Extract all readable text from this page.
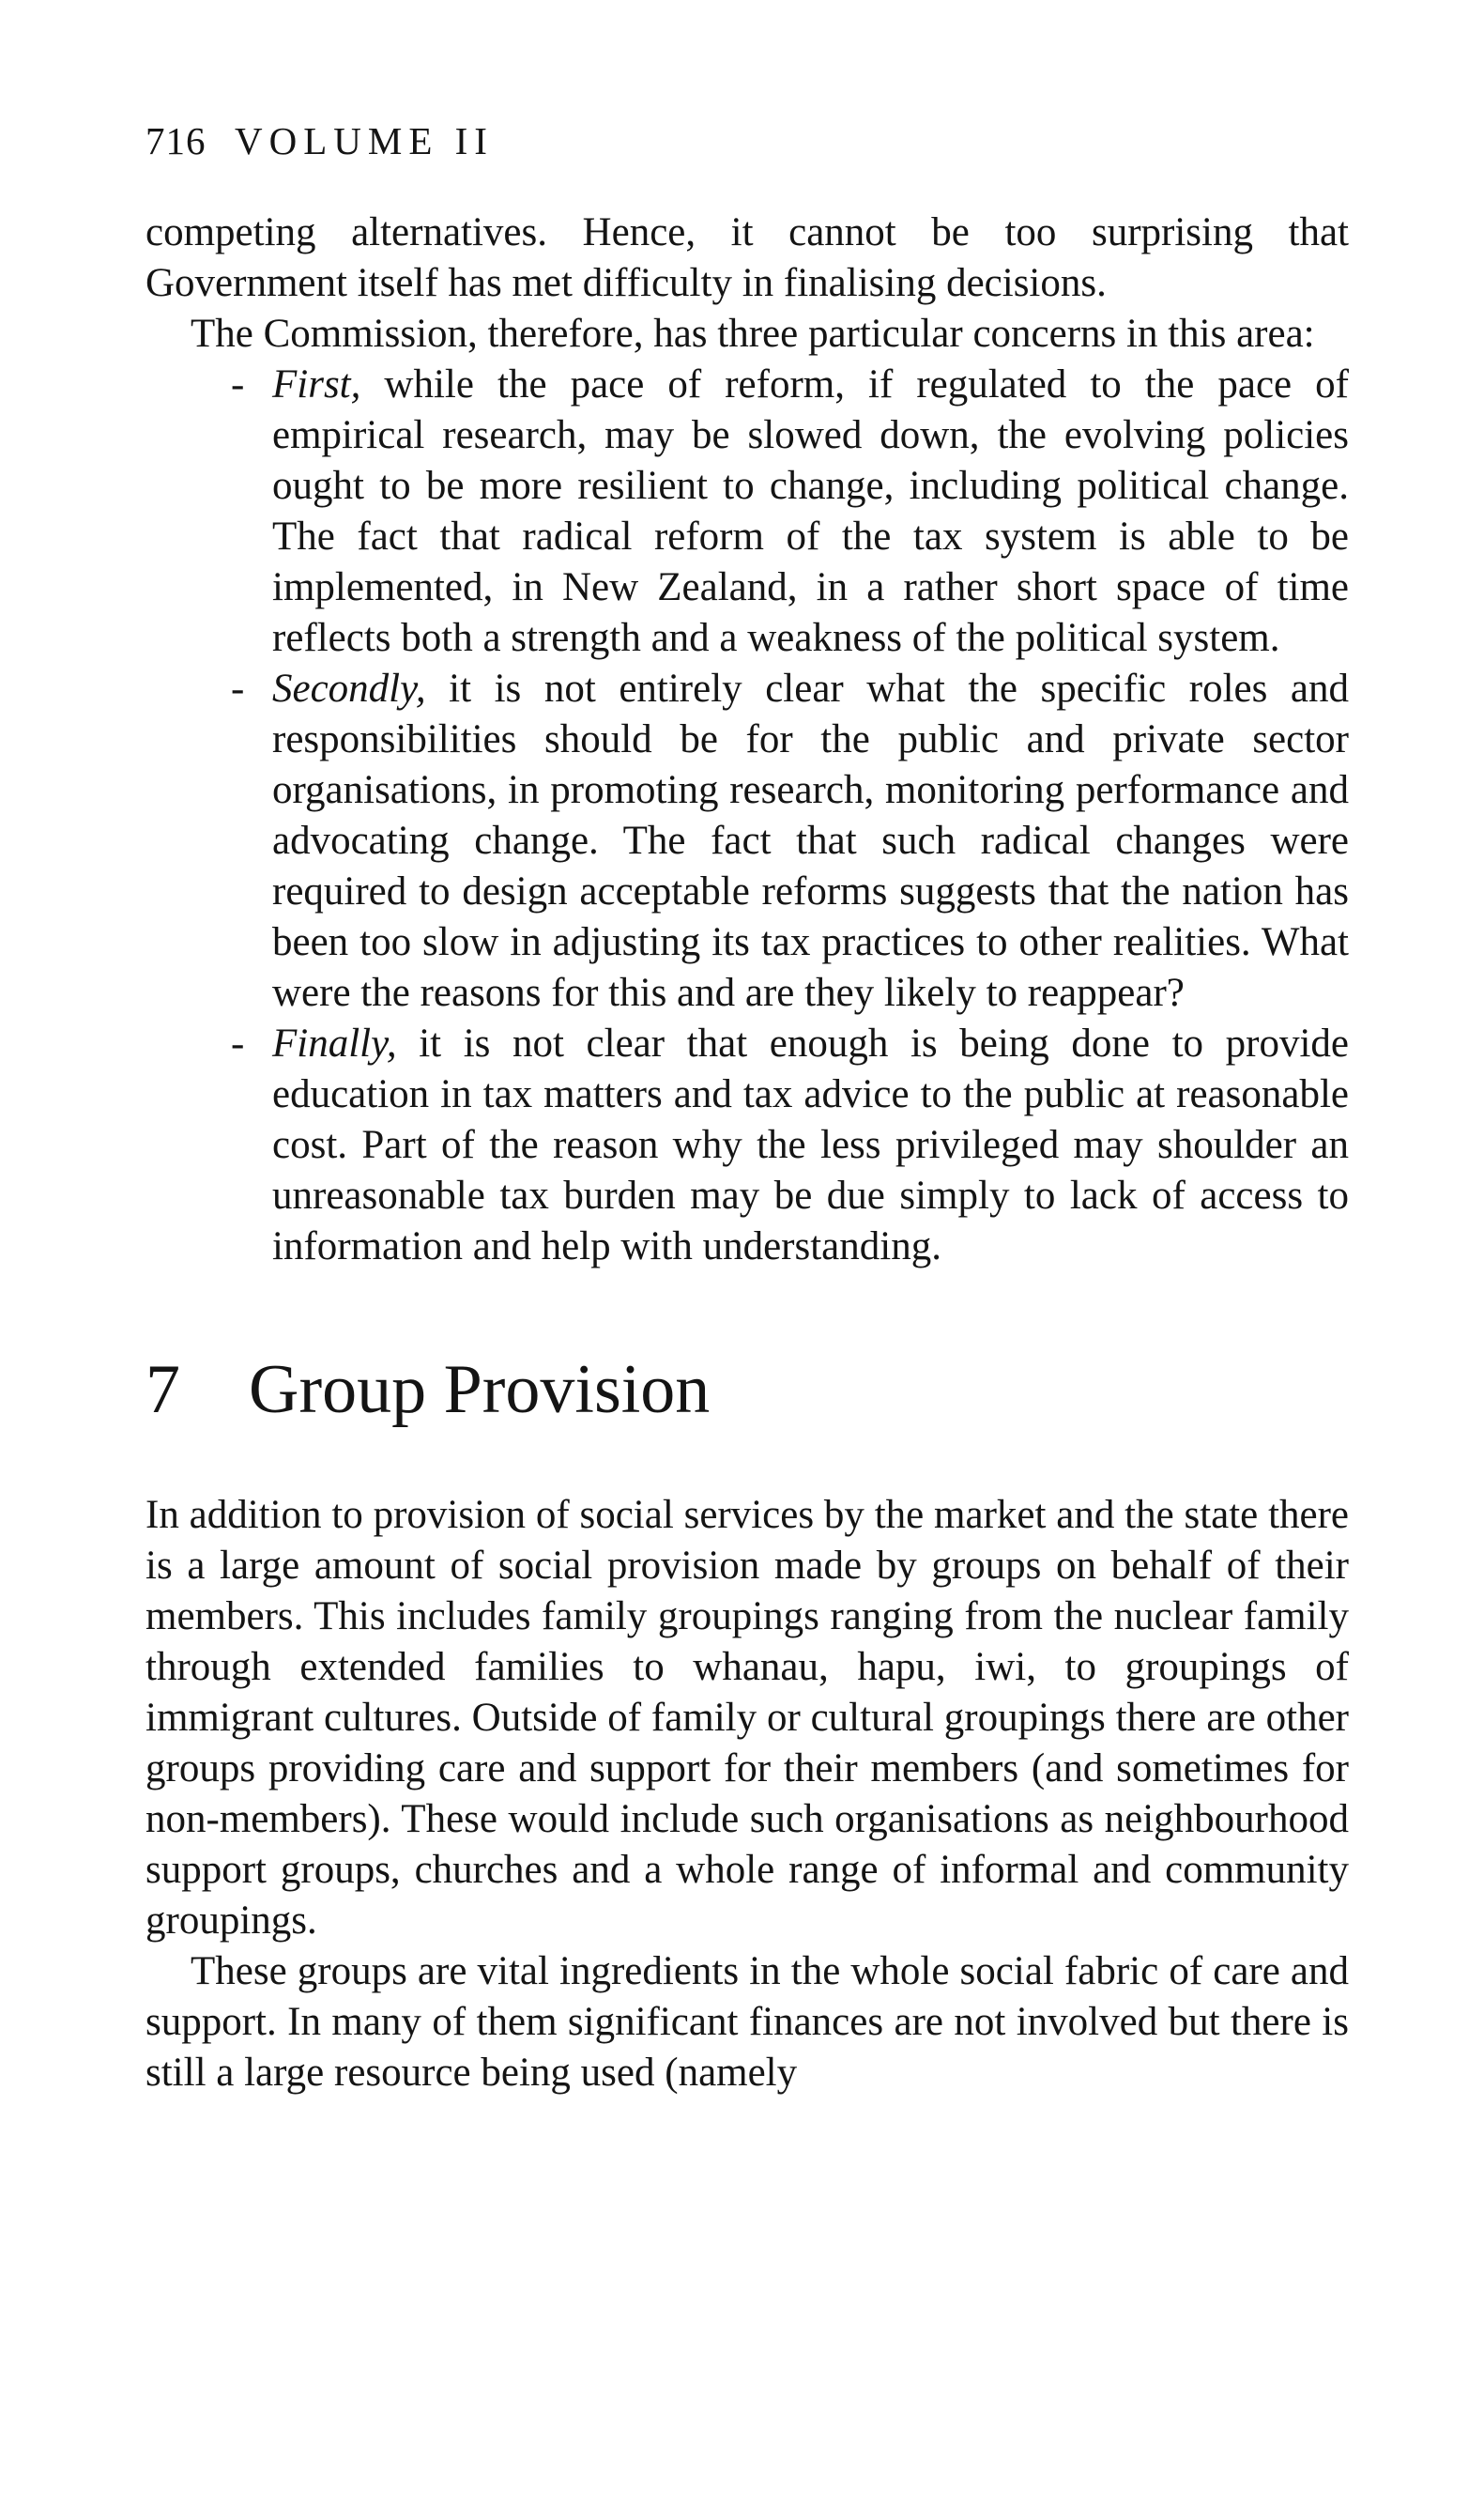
716 VOLUME II

competing alternatives. Hence, it cannot be too surprising that Government itself has met difficulty in finalising decisions.

The Commission, therefore, has three particular concerns in this area:

- First, while the pace of reform, if regulated to the pace of empirical research, may be slowed down, the evolving policies ought to be more resilient to change, including political change. The fact that radical reform of the tax system is able to be implemented, in New Zealand, in a rather short space of time reflects both a strength and a weakness of the political system.
- Secondly, it is not entirely clear what the specific roles and responsibilities should be for the public and private sector organisations, in promoting research, monitoring performance and advocating change. The fact that such radical changes were required to design acceptable reforms suggests that the nation has been too slow in adjusting its tax practices to other realities. What were the reasons for this and are they likely to reappear?
- Finally, it is not clear that enough is being done to provide education in tax matters and tax advice to the public at reasonable cost. Part of the reason why the less privileged may shoulder an unreasonable tax burden may be due simply to lack of access to information and help with understanding.
7 Group Provision

In addition to provision of social services by the market and the state there is a large amount of social provision made by groups on behalf of their members. This includes family groupings ranging from the nuclear family through extended families to whanau, hapu, iwi, to groupings of immigrant cultures. Outside of family or cultural groupings there are other groups providing care and support for their members (and sometimes for non-members). These would include such organisations as neighbourhood support groups, churches and a whole range of informal and community groupings.

These groups are vital ingredients in the whole social fabric of care and support. In many of them significant finances are not involved but there is still a large resource being used (namely
